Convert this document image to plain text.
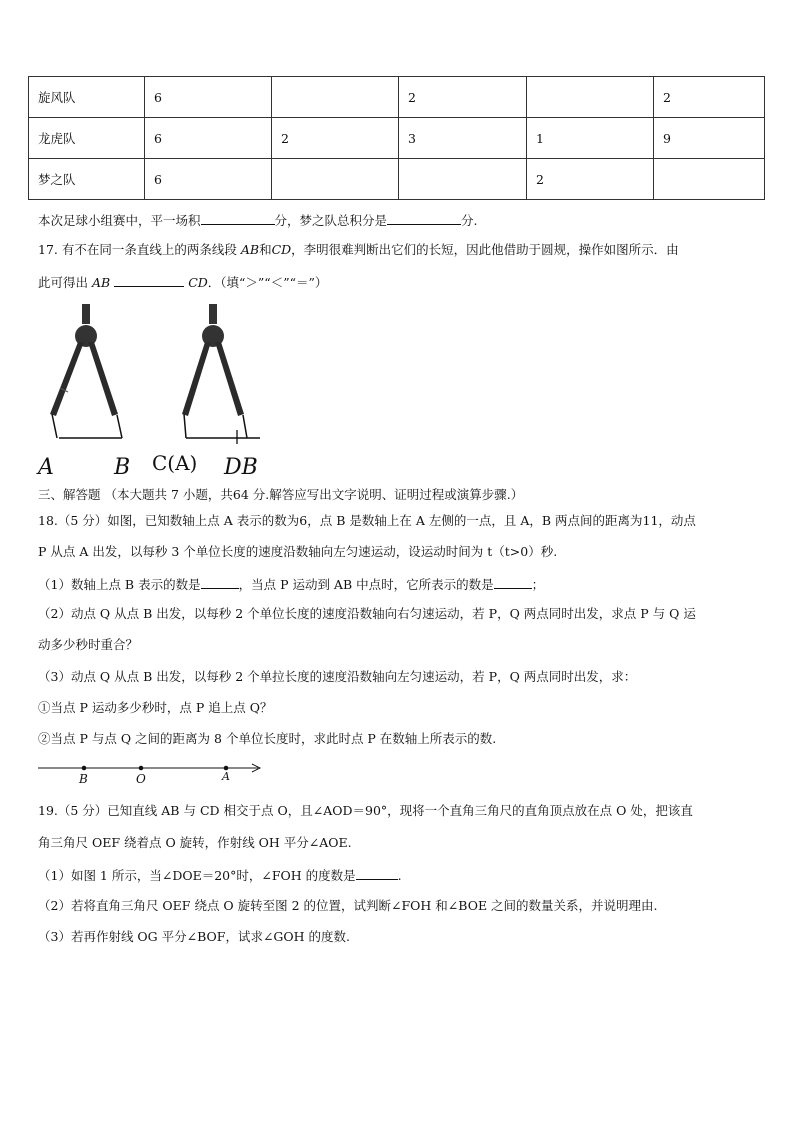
旋风队	6		2		2
龙虎队	6	2	3	1	9
梦之队	6			2	
本次足球小组赛中，平一场积	分，梦之队总积分是	分.
17. 有不在同一条直线上的两条线段 AB和CD，李明很难判断出它们的长短，因此他借助于圆规，操作如图所示．由
此可得出 AB	CD．（填“＞”“＜”“＝”）
A	B C(A) DB
三、解答题 （本大题共 7 小题，共64 分.解答应写出文字说明、证明过程或演算步骤.）
18.（5 分）如图，已知数轴上点 A 表示的数为6，点 B 是数轴上在 A 左侧的一点，且 A，B 两点间的距离为11，动点
P 从点 A 出发，以每秒 3 个单位长度的速度沿数轴向左匀速运动，设运动时间为 t（t>0）秒.
（1）数轴上点 B 表示的数是	，当点 P 运动到 AB 中点时，它所表示的数是	；
（2）动点 Q 从点 B 出发，以每秒 2 个单位长度的速度沿数轴向右匀速运动，若 P，Q 两点同时出发，求点 P 与 Q 运
动多少秒时重合？
（3）动点 Q 从点 B 出发，以每秒 2 个单拉长度的速度沿数轴向左匀速运动，若 P，Q 两点同时出发，求：
①当点 P 运动多少秒时，点 P 追上点 Q？
②当点 P 与点 Q 之间的距离为 8 个单位长度时，求此时点 P 在数轴上所表示的数.
B	O	A
19.（5 分）已知直线 AB 与 CD 相交于点 O，且∠AOD＝90°，现将一个直角三角尺的直角顶点放在点 O 处，把该直
角三角尺 OEF 绕着点 O 旋转，作射线 OH 平分∠AOE.
（1）如图 1 所示，当∠DOE＝20°时，∠FOH 的度数是	.
（2）若将直角三角尺 OEF 绕点 O 旋转至图 2 的位置，试判断∠FOH 和∠BOE 之间的数量关系，并说明理由.
（3）若再作射线 OG 平分∠BOF，试求∠GOH 的度数.
